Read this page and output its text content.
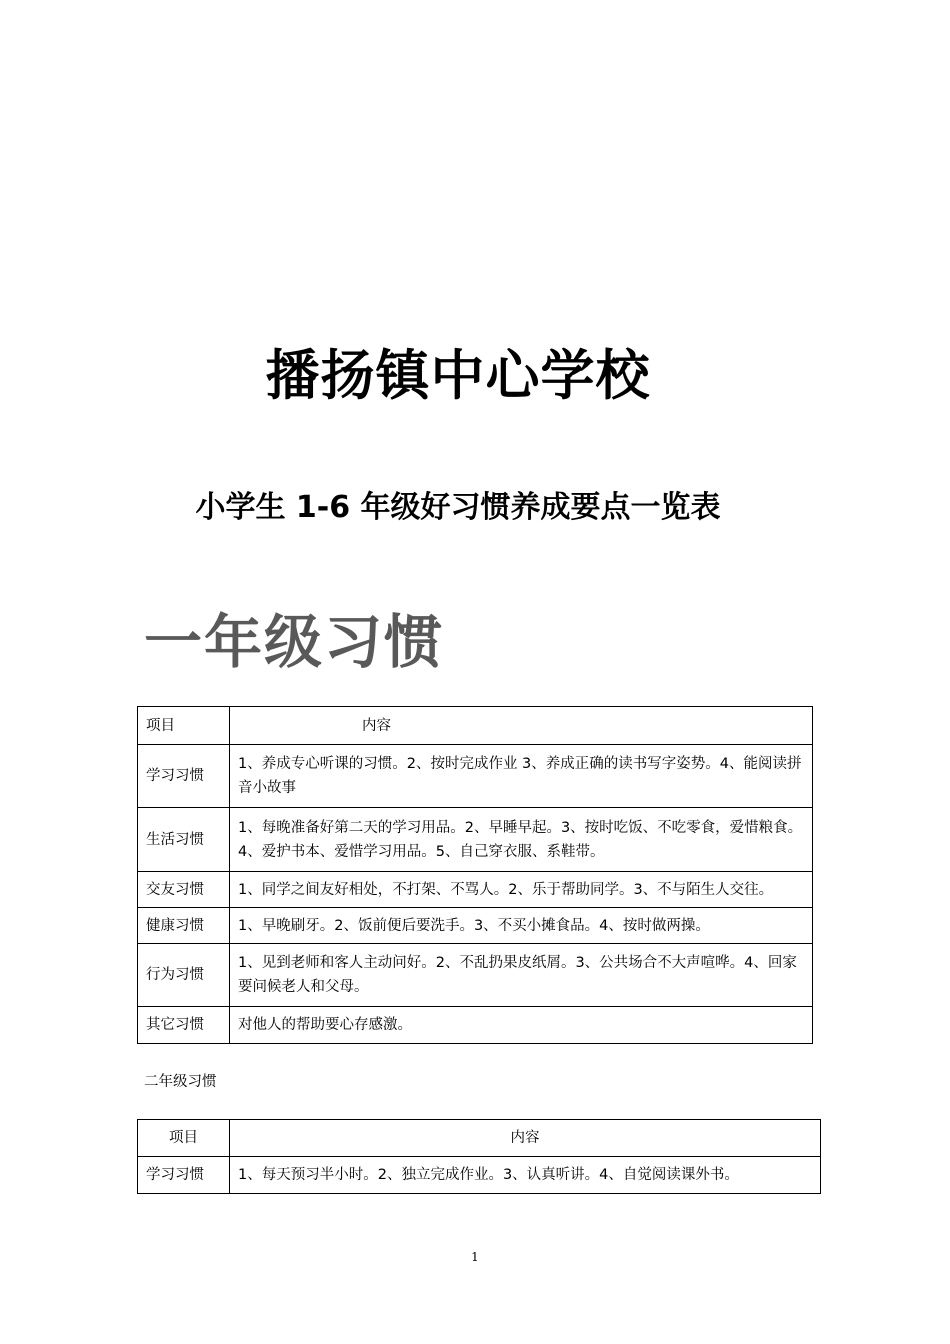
播扬镇中心学校
小学生 1-6 年级好习惯养成要点一览表
一年级习惯
项目	内容
学习习惯	1、养成专心听课的习惯。2、按时完成作业 3、养成正确的读书写字姿势。4、能阅读拼音小故事
生活习惯	1、每晚准备好第二天的学习用品。2、早睡早起。3、按时吃饭、不吃零食，爱惜粮食。4、爱护书本、爱惜学习用品。5、自己穿衣服、系鞋带。
交友习惯	1、同学之间友好相处，不打架、不骂人。2、乐于帮助同学。3、不与陌生人交往。
健康习惯	1、早晚刷牙。2、饭前便后要洗手。3、不买小摊食品。4、按时做两操。
行为习惯	1、见到老师和客人主动问好。2、不乱扔果皮纸屑。3、公共场合不大声喧哗。4、回家要问候老人和父母。
其它习惯	对他人的帮助要心存感激。
二年级习惯
项目	内容
学习习惯	1、每天预习半小时。2、独立完成作业。3、认真听讲。4、自觉阅读课外书。
1
